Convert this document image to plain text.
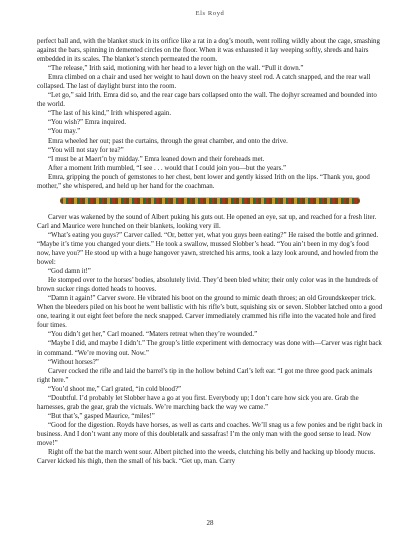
Els Royd

perfect ball and, with the blanket stuck in its orifice like a rat in a dog’s mouth, went rolling wildly about the cage, smashing against the bars, spinning in demented circles on the floor. When it was exhausted it lay weeping softly, shreds and hairs embedded in its scales. The blanket’s stench permeated the room.

“The release,” Irith said, motioning with her head to a lever high on the wall. “Pull it down.”

Emra climbed on a chair and used her weight to haul down on the heavy steel rod. A catch snapped, and the rear wall collapsed. The last of daylight burst into the room.

“Let go,” said Irith. Emra did so, and the rear cage bars collapsed onto the wall. The dojhyr screamed and bounded into the world.

“The last of his kind,” Irith whispered again.

“You wish?” Emra inquired.

“You may.”

Emra wheeled her out; past the curtains, through the great chamber, and onto the drive.

“You will not stay for tea?”

“I must be at Maert’n by midday.” Emra leaned down and their foreheads met.

After a moment Irith mumbled, “I see . . . would that I could join you—but the years.”

Emra, gripping the pouch of gemstones to her chest, bent lower and gently kissed Irith on the lips. “Thank you, good mother,” she whispered, and held up her hand for the coachman.

Carver was wakened by the sound of Albert puking his guts out. He opened an eye, sat up, and reached for a fresh liter. Carl and Maurice were hunched on their blankets, looking very ill.

“What’s eating you guys?” Carver called. “Or, better yet, what you guys been eating?” He raised the bottle and grinned. “Maybe it’s time you changed your diets.” He took a swallow, mussed Slobber’s head. “You ain’t been in my dog’s food now, have you?” He stood up with a huge hangover yawn, stretched his arms, took a lazy look around, and howled from the bowel:

“God damn it!”

He stomped over to the horses’ bodies, absolutely livid. They’d been bled white; their only color was in the hundreds of brown sucker rings dotted heads to hooves.

“Damn it again!” Carver swore. He vibrated his boot on the ground to mimic death throes; an old Groundskeeper trick. When the bleeders piled on his boot he went ballistic with his rifle’s butt, squishing six or seven. Slobber latched onto a good one, tearing it out eight feet before the neck snapped. Carver immediately crammed his rifle into the vacated hole and fired four times.

“You didn’t get her,” Carl moaned. “Maters retreat when they’re wounded.”

“Maybe I did, and maybe I didn’t.” The group’s little experiment with democracy was done with—Carver was right back in command. “We’re moving out. Now.”

“Without horses?”

Carver cocked the rifle and laid the barrel’s tip in the hollow behind Carl’s left ear. “I got me three good pack animals right here.”

“You’d shoot me,” Carl grated, “in cold blood?”

“Doubtful. I’d probably let Slobber have a go at you first. Everybody up; I don’t care how sick you are. Grab the harnesses, grab the gear, grab the victuals. We’re marching back the way we came.”

“But that’s,” gasped Maurice, “miles!”

“Good for the digestion. Royds have horses, as well as carts and coaches. We’ll snag us a few ponies and be right back in business. And I don’t want any more of this doubletalk and sassafras! I’m the only man with the good sense to lead. Now move!”

Right off the bat the march went sour. Albert pitched into the weeds, clutching his belly and hacking up bloody mucus. Carver kicked his thigh, then the small of his back. “Get up, man. Carry

28
